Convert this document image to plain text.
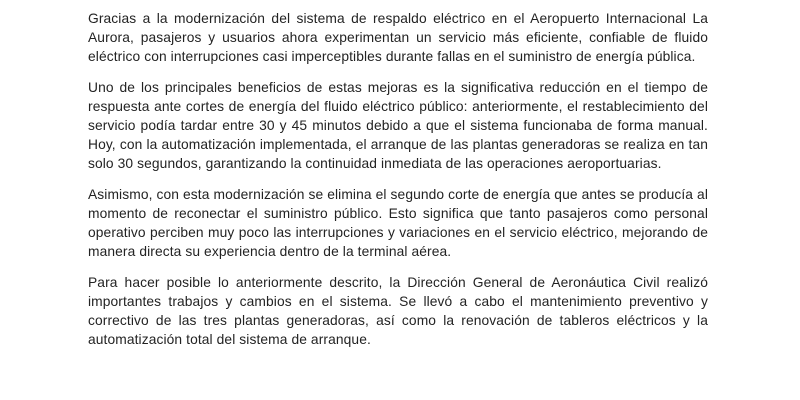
Gracias a la modernización del sistema de respaldo eléctrico en el Aeropuerto Internacional La Aurora, pasajeros y usuarios ahora experimentan un servicio más eficiente, confiable de fluido eléctrico con interrupciones casi imperceptibles durante fallas en el suministro de energía pública.

Uno de los principales beneficios de estas mejoras es la significativa reducción en el tiempo de respuesta ante cortes de energía del fluido eléctrico público: anteriormente, el restablecimiento del servicio podía tardar entre 30 y 45 minutos debido a que el sistema funcionaba de forma manual. Hoy, con la automatización implementada, el arranque de las plantas generadoras se realiza en tan solo 30 segundos, garantizando la continuidad inmediata de las operaciones aeroportuarias.

Asimismo, con esta modernización se elimina el segundo corte de energía que antes se producía al momento de reconectar el suministro público. Esto significa que tanto pasajeros como personal operativo perciben muy poco las interrupciones y variaciones en el servicio eléctrico, mejorando de manera directa su experiencia dentro de la terminal aérea.

Para hacer posible lo anteriormente descrito, la Dirección General de Aeronáutica Civil realizó importantes trabajos y cambios en el sistema. Se llevó a cabo el mantenimiento preventivo y correctivo de las tres plantas generadoras, así como la renovación de tableros eléctricos y la automatización total del sistema de arranque.
